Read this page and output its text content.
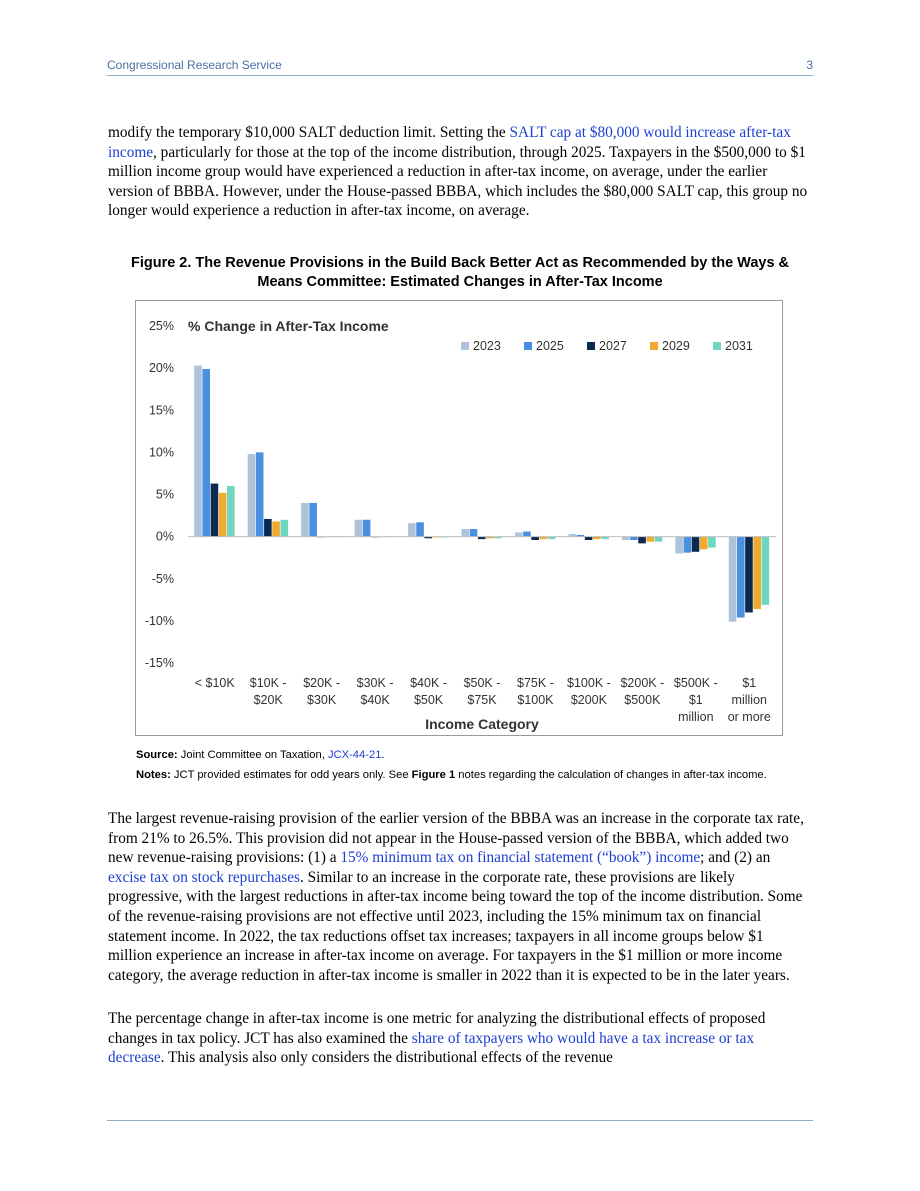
Congressional Research Service	3

modify the temporary $10,000 SALT deduction limit. Setting the SALT cap at $80,000 would increase after-tax income, particularly for those at the top of the income distribution, through 2025. Taxpayers in the $500,000 to $1 million income group would have experienced a reduction in after-tax income, on average, under the earlier version of BBBA. However, under the House-passed BBBA, which includes the $80,000 SALT cap, this group no longer would experience a reduction in after-tax income, on average.

Figure 2. The Revenue Provisions in the Build Back Better Act as Recommended by the Ways & Means Committee: Estimated Changes in After-Tax Income
25%
20%
15%
10%
5%
0%
-5%
-10%
-15%
% Change in After-Tax Income
2023	2025	2027	2029	2031
< $10K $10K -
$20K
$20K -
$30K
$30K -
$40K
$40K -
$50K
$50K -
$75K
$75K -
$100K
$100K -
$200K
$200K -
$500K
$500K -
$1
million
$1
million
or more
Income Category

Source: Joint Committee on Taxation, JCX-44-21.

Notes: JCT provided estimates for odd years only. See Figure 1 notes regarding the calculation of changes in after-tax income.

The largest revenue-raising provision of the earlier version of the BBBA was an increase in the corporate tax rate, from 21% to 26.5%. This provision did not appear in the House-passed version of the BBBA, which added two new revenue-raising provisions: (1) a 15% minimum tax on financial statement (“book”) income; and (2) an excise tax on stock repurchases. Similar to an increase in the corporate rate, these provisions are likely progressive, with the largest reductions in after-tax income being toward the top of the income distribution. Some of the revenue-raising provisions are not effective until 2023, including the 15% minimum tax on financial statement income. In 2022, the tax reductions offset tax increases; taxpayers in all income groups below $1 million experience an increase in after-tax income on average. For taxpayers in the $1 million or more income category, the average reduction in after-tax income is smaller in 2022 than it is expected to be in the later years.

The percentage change in after-tax income is one metric for analyzing the distributional effects of proposed changes in tax policy. JCT has also examined the share of taxpayers who would have a tax increase or tax decrease. This analysis also only considers the distributional effects of the revenue
